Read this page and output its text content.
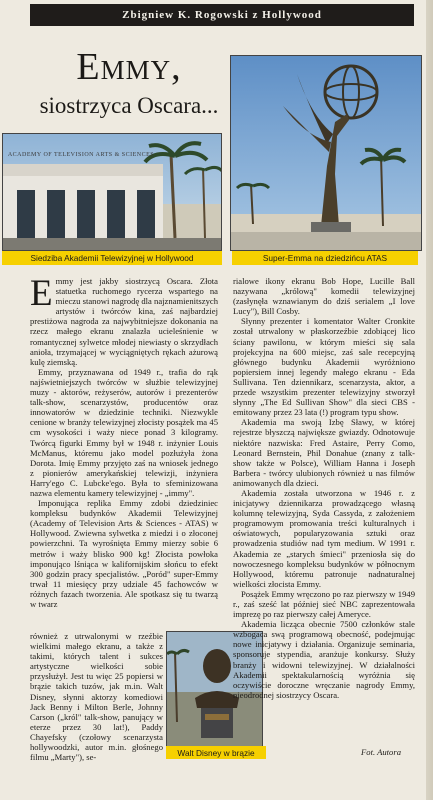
Zbigniew K. Rogowski z Hollywood
Emmy,
siostrzyca Oscara...
ACADEMY OF TELEVISION ARTS & SCIENCES
Siedziba Akademii Telewizyjnej w Hollywood	Super-Emma na dziedzińcu ATAS

Emmy jest jakby siostrzycą Oscara. Złota statuetka ruchomego rycerza wspartego na mieczu stanowi nagrodę dla najznamienitszych artystów i twórców kina, zaś najbardziej prestiżowa nagroda za najwybitniejsze dokonania na rzecz małego ekranu znalazła ucieleśnienie w romantycznej sylwetce młodej niewiasty o skrzydłach anioła, trzymającej w wyciągniętych rękach ażurową kulę ziemską.

Emmy, przyznawana od 1949 r., trafia do rąk najświetniejszych twórców w służbie telewizyjnej muzy - aktorów, reżyserów, autorów i prezenterów talk-show, scenarzystów, producentów oraz innowatorów w dziedzinie techniki. Niezwykle cenione w branży telewizyjnej złocisty posążek ma 45 cm wysokości i waży niece ponad 3 kilogramy. Twórcą figurki Emmy był w 1948 r. inżynier Louis McManus, któremu jako model pozłużyła żona Dorota. Imię Emmy przyjęto zaś na wniosek jednego z pionierów amerykańskiej telewizji, inżyniera Harry'ego C. Lubcke'ego. Była to sfeminizowana nazwa elementu kamery telewizyjnej - „immy".

Imponująca replika Emmy zdobi dziedziniec kompleksu budynków Akademii Telewizyjnej (Academy of Television Arts & Sciences - ATAS) w Hollywood. Zwiewna sylwetka z miedzi i o złoconej powierzchni. Ta wyrośnięta Emmy mierzy sobie 6 metrów i waży blisko 900 kg! Złocista powłoka imponująco lśniąca w kalifornijskim słońcu to efekt 300 godzin pracy specjalistów. „Poród" super-Emmy trwał 11 miesięcy przy udziale 45 fachowców w różnych fazach tworzenia. Ale spotkasz się tu twarzą w twarz

również z utrwalonymi w rzeźbie wielkimi małego ekranu, a także z takimi, których talent i sukces artystyczne wielkości sobie przysłużył. Jest tu więc 25 popiersi w brązie takich tuzów, jak m.in. Walt Disney, słynni aktorzy komediowi Jack Benny i Milton Berle, Johnny Carson („król" talk-show, panujący w eterze przez 30 lat!), Paddy Chayefsky (czołowy scenarzysta hollywoodzki, autor m.in. głośnego filmu „Marty"), se-	Walt Disney w brązie

rialowe ikony ekranu Bob Hope, Lucille Ball nazywana „królową" komedii telewizyjnej (zasłynęła wznawianym do dziś serialem „I love Lucy"), Bill Cosby.

Słynny prezenter i komentator Walter Cronkite został utrwalony w płaskorzeźbie zdobiącej lico ściany pawilonu, w którym mieści się sala projekcyjna na 600 miejsc, zaś sale recepcyjną głównego budynku Akademii wyróżniono popiersiem innej legendy małego ekranu - Eda Sullivana. Ten dziennikarz, scenarzysta, aktor, a przede wszystkim prezenter telewizyjny stworzył słynny „The Ed Sullivan Show" dla sieci CBS - emitowany przez 23 lata (!) program typu show.

Akademia ma swoją Izbę Sławy, w której rejestrze błyszczą największe gwiazdy. Odnotowuje niektóre nazwiska: Fred Astaire, Perry Como, Leonard Bernstein, Phil Donahue (znany z talk-show także w Polsce), William Hanna i Joseph Barbera - twórcy ulubionych również u nas filmów animowanych dla dzieci.

Akademia została utworzona w 1946 r. z inicjatywy dziennikarza prowadzącego własną kolumnę telewizyjną, Syda Cassyda, z założeniem programowym promowania treści kulturalnych i oświatowych, popularyzowania sztuki oraz prowadzenia studiów nad tym medium. W 1991 r. Akademia ze „starych śmieci" przeniosła się do nowoczesnego kompleksu budynków w północnym Hollywood, któremu patronuje nadnaturalnej wielkości złocista Emmy.

Posążek Emmy wręczono po raz pierwszy w 1949 r., zaś sześć lat później sieć NBC zaprezentowała imprezę po raz pierwszy całej Ameryce.

Akademia licząca obecnie 7500 członków stale wzbogaca swą programową obecność, podejmując nowe inicjatywy i działania. Organizuje seminaria, sponsoruje stypendia, aranżuje konkursy. Służy branży i widowni telewizyjnej. W działalności Akademii spektakularnością wyróżnia się oczywiście doroczne wręczanie nagrody Emmy, nieodrodnej siostrzycy Oscara.

Fot. Autora
